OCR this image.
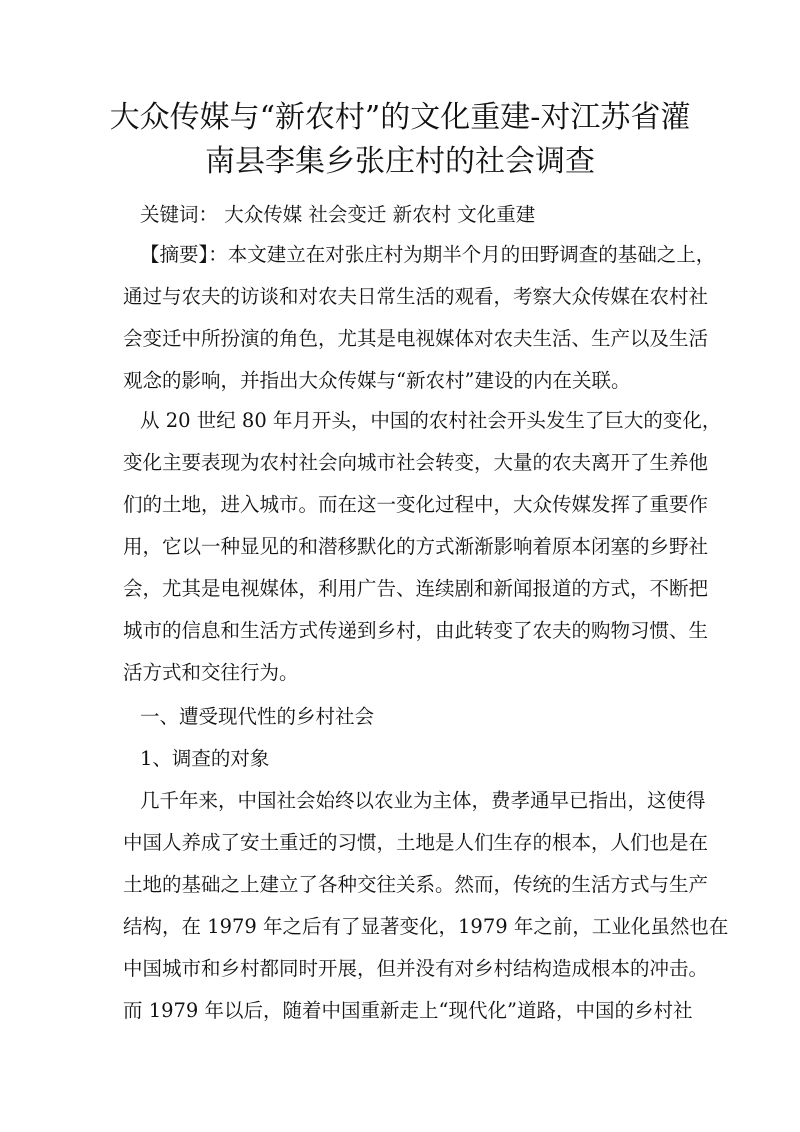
大众传媒与“新农村”的文化重建-对江苏省灌
南县李集乡张庄村的社会调查
关键词： 大众传媒 社会变迁 新农村 文化重建
【摘要】：本文建立在对张庄村为期半个月的田野调查的基础之上，
通过与农夫的访谈和对农夫日常生活的观看，考察大众传媒在农村社
会变迁中所扮演的角色，尤其是电视媒体对农夫生活、生产以及生活
观念的影响，并指出大众传媒与“新农村”建设的内在关联。
从 20 世纪 80 年月开头，中国的农村社会开头发生了巨大的变化，
变化主要表现为农村社会向城市社会转变，大量的农夫离开了生养他
们的土地，进入城市。而在这一变化过程中，大众传媒发挥了重要作
用，它以一种显见的和潜移默化的方式渐渐影响着原本闭塞的乡野社
会，尤其是电视媒体，利用广告、连续剧和新闻报道的方式，不断把
城市的信息和生活方式传递到乡村，由此转变了农夫的购物习惯、生
活方式和交往行为。
一、遭受现代性的乡村社会
1、调查的对象
几千年来，中国社会始终以农业为主体，费孝通早已指出，这使得
中国人养成了安土重迁的习惯，土地是人们生存的根本，人们也是在
土地的基础之上建立了各种交往关系。然而，传统的生活方式与生产
结构，在 1979 年之后有了显著变化，1979 年之前，工业化虽然也在
中国城市和乡村都同时开展，但并没有对乡村结构造成根本的冲击。
而 1979 年以后，随着中国重新走上“现代化”道路，中国的乡村社
